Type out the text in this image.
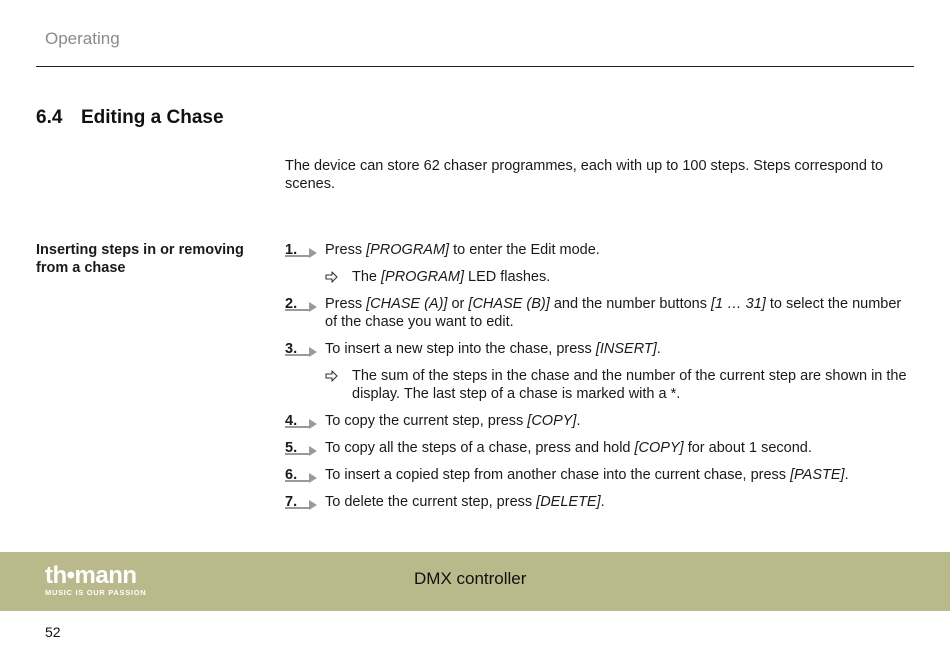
Operating
6.4 Editing a Chase
The device can store 62 chaser programmes, each with up to 100 steps. Steps correspond to scenes.
Inserting steps in or removing from a chase
1. Press [PROGRAM] to enter the Edit mode.
The [PROGRAM] LED flashes.
2. Press [CHASE (A)] or [CHASE (B)] and the number buttons [1 … 31] to select the number of the chase you want to edit.
3. To insert a new step into the chase, press [INSERT].
The sum of the steps in the chase and the number of the current step are shown in the display. The last step of a chase is marked with a *.
4. To copy the current step, press [COPY].
5. To copy all the steps of a chase, press and hold [COPY] for about 1 second.
6. To insert a copied step from another chase into the current chase, press [PASTE].
7. To delete the current step, press [DELETE].
th•mann
MUSIC IS OUR PASSION
DMX controller
52
